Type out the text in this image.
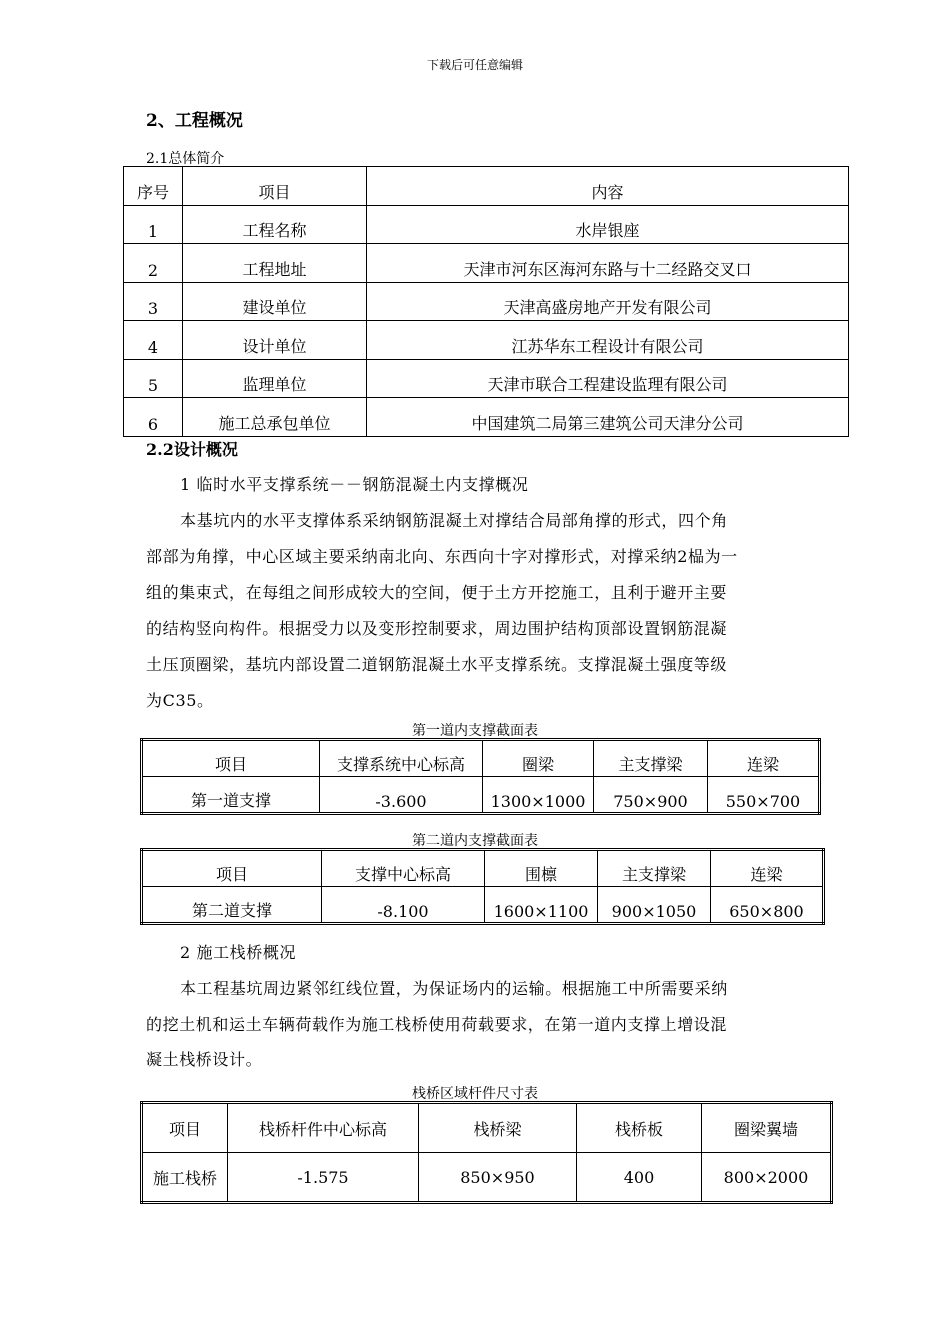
下载后可任意编辑
2、工程概况
2.1总体简介
序号	项目	内容
1	工程名称	水岸银座
2	工程地址	天津市河东区海河东路与十二经路交叉口
3	建设单位	天津高盛房地产开发有限公司
4	设计单位	江苏华东工程设计有限公司
5	监理单位	天津市联合工程建设监理有限公司
6	施工总承包单位	中国建筑二局第三建筑公司天津分公司
2.2设计概况
1 临时水平支撑系统－－钢筋混凝土内支撑概况
本基坑内的水平支撑体系采纳钢筋混凝土对撑结合局部角撑的形式，四个角
部部为角撑，中心区域主要采纳南北向、东西向十字对撑形式，对撑采纳2榀为一
组的集束式，在每组之间形成较大的空间，便于土方开挖施工，且利于避开主要
的结构竖向构件。根据受力以及变形控制要求，周边围护结构顶部设置钢筋混凝
土压顶圈梁，基坑内部设置二道钢筋混凝土水平支撑系统。支撑混凝土强度等级
为C35。
第一道内支撑截面表
项目	支撑系统中心标高	圈梁	主支撑梁	连梁
第一道支撑	-3.600	1300×1000	750×900	550×700
第二道内支撑截面表
项目	支撑中心标高	围檩	主支撑梁	连梁
第二道支撑	-8.100	1600×1100	900×1050	650×800
2 施工栈桥概况
本工程基坑周边紧邻红线位置，为保证场内的运输。根据施工中所需要采纳
的挖土机和运土车辆荷载作为施工栈桥使用荷载要求，在第一道内支撑上增设混
凝土栈桥设计。
栈桥区域杆件尺寸表
项目	栈桥杆件中心标高	栈桥梁	栈桥板	圈梁翼墙
施工栈桥	-1.575	850×950	400	800×2000
